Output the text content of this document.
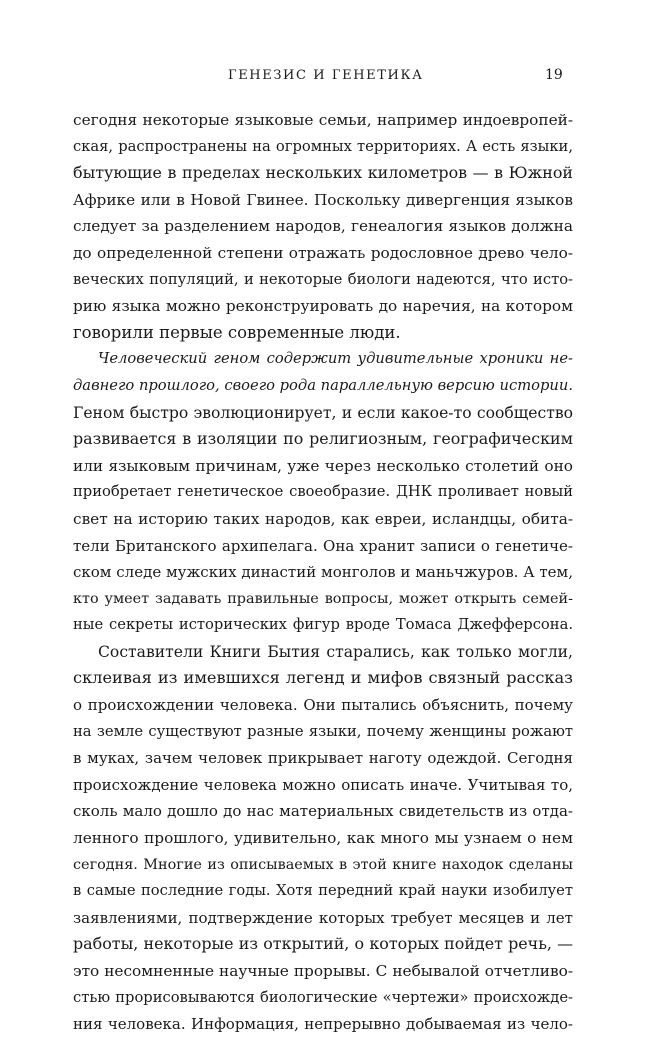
ГЕНЕЗИС И ГЕНЕТИКА	19
сегодня некоторые языковые семьи, например индоевропей-
ская, распространены на огромных территориях. А есть языки,
бытующие в пределах нескольких километров — в Южной
Африке или в Новой Гвинее. Поскольку дивергенция языков
следует за разделением народов, генеалогия языков должна
до определенной степени отражать родословное древо чело-
веческих популяций, и некоторые биологи надеются, что исто-
рию языка можно реконструировать до наречия, на котором
говорили первые современные люди.
Человеческий геном содержит удивительные хроники не-
давнего прошлого, своего рода параллельную версию истории.
Геном быстро эволюционирует, и если какое-то сообщество
развивается в изоляции по религиозным, географическим
или языковым причинам, уже через несколько столетий оно
приобретает генетическое своеобразие. ДНК проливает новый
свет на историю таких народов, как евреи, исландцы, обита-
тели Британского архипелага. Она хранит записи о генетиче-
ском следе мужских династий монголов и маньчжуров. А тем,
кто умеет задавать правильные вопросы, может открыть семей-
ные секреты исторических фигур вроде Томаса Джефферсона.
Составители Книги Бытия старались, как только могли,
склеивая из имевшихся легенд и мифов связный рассказ
о происхождении человека. Они пытались объяснить, почему
на земле существуют разные языки, почему женщины рожают
в муках, зачем человек прикрывает наготу одеждой. Сегодня
происхождение человека можно описать иначе. Учитывая то,
сколь мало дошло до нас материальных свидетельств из отда-
ленного прошлого, удивительно, как много мы узнаем о нем
сегодня. Многие из описываемых в этой книге находок сделаны
в самые последние годы. Хотя передний край науки изобилует
заявлениями, подтверждение которых требует месяцев и лет
работы, некоторые из открытий, о которых пойдет речь, —
это несомненные научные прорывы. С небывалой отчетливо-
стью прорисовываются биологические «чертежи» происхожде-
ния человека. Информация, непрерывно добываемая из чело-
